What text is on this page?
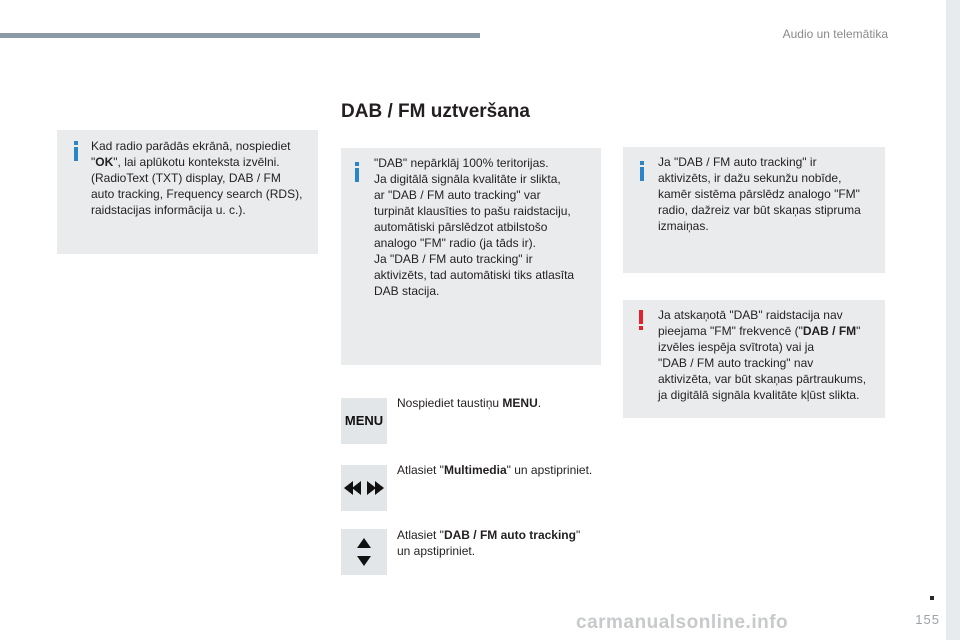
Audio un telemātika
DAB / FM uztveršana
Kad radio parādās ekrānā, nospiediet
"OK", lai aplūkotu konteksta izvēlni.
(RadioText (TXT) display, DAB / FM
auto tracking, Frequency search (RDS),
raidstacijas informācija u. c.).
"DAB" nepārklāj 100% teritorijas.
Ja digitālā signāla kvalitāte ir slikta,
ar "DAB / FM auto tracking" var
turpināt klausīties to pašu raidstaciju,
automātiski pārslēdzot atbilstošo
analogo "FM" radio (ja tāds ir).
Ja "DAB / FM auto tracking" ir
aktivizēts, tad automātiski tiks atlasīta
DAB stacija.
Ja "DAB / FM auto tracking" ir
aktivizēts, ir dažu sekunžu nobīde,
kamēr sistēma pārslēdz analogo "FM"
radio, dažreiz var būt skaņas stipruma
izmaiņas.
Ja atskaņotā "DAB" raidstacija nav
pieejama "FM" frekvencē ("DAB / FM"
izvēles iespēja svītrota) vai ja
"DAB / FM auto tracking" nav
aktivizēta, var būt skaņas pārtraukums,
ja digitālā signāla kvalitāte kļūst slikta.
MENU
Nospiediet taustiņu MENU.
Atlasiet "Multimedia" un apstipriniet.
Atlasiet "DAB / FM auto tracking"
un apstipriniet.
155
carmanualsonline.info
